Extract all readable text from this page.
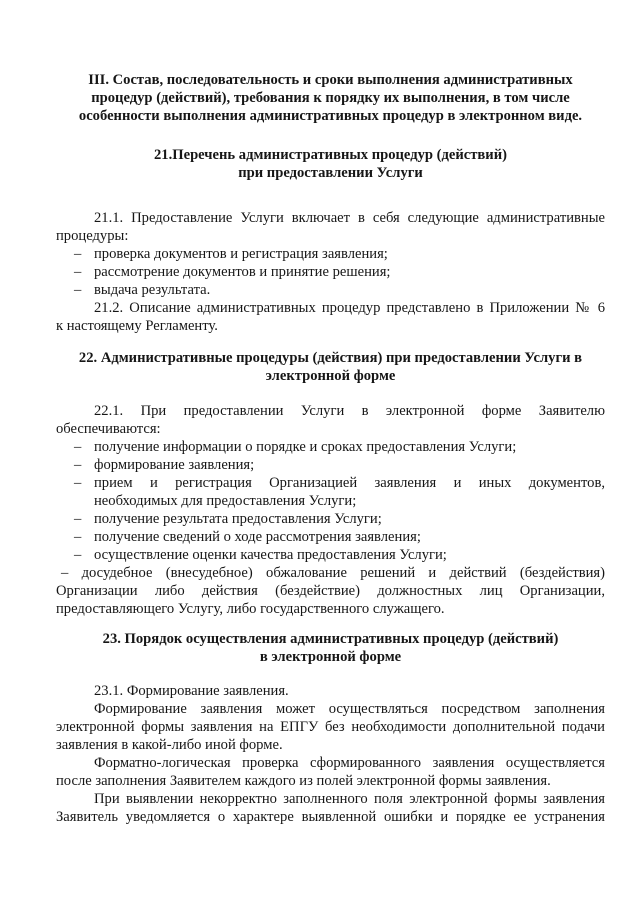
III. Состав, последовательность и сроки выполнения административных
процедур (действий), требования к порядку их выполнения, в том числе
особенности выполнения административных процедур в электронном виде.
21.Перечень административных процедур (действий)
при предоставлении Услуги

21.1. Предоставление Услуги включает в себя следующие административные

процедуры:

– проверка документов и регистрация заявления;
– рассмотрение документов и принятие решения;
– выдача результата.

21.2. Описание административных процедур представлено в Приложении № 6

к настоящему Регламенту.

22. Административные процедуры (действия) при предоставлении Услуги в
электронной форме

22.1. При предоставлении Услуги в электронной форме Заявителю

обеспечиваются:

– получение информации о порядке и сроках предоставления Услуги;
– формирование заявления;
– прием и регистрация Организацией заявления и иных документов,
необходимых для предоставления Услуги;
– получение результата предоставления Услуги;
– получение сведений о ходе рассмотрения заявления;
– осуществление оценки качества предоставления Услуги;

– досудебное (внесудебное) обжалование решений и действий (бездействия)

Организации либо действия (бездействие) должностных лиц Организации,

предоставляющего Услугу, либо государственного служащего.

23. Порядок осуществления административных процедур (действий)
в электронной форме

23.1. Формирование заявления.

Формирование заявления может осуществляться посредством заполнения

электронной формы заявления на ЕПГУ без необходимости дополнительной подачи

заявления в какой-либо иной форме.

Форматно-логическая проверка сформированного заявления осуществляется

после заполнения Заявителем каждого из полей электронной формы заявления.

При выявлении некорректно заполненного поля электронной формы заявления

Заявитель уведомляется о характере выявленной ошибки и порядке ее устранения
